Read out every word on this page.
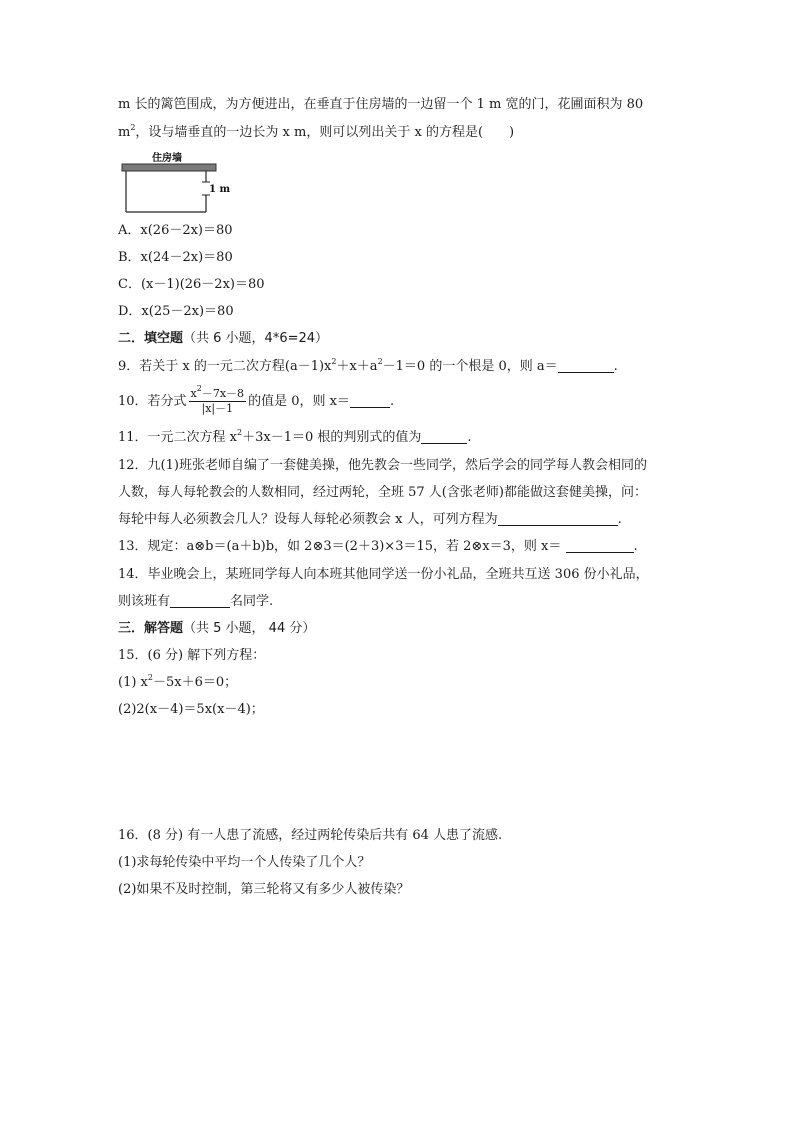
m 长的篱笆围成，为方便进出，在垂直于住房墙的一边留一个 1 m 宽的门，花圃面积为 80
$m^2$，设与墙垂直的一边长为 x m，则可以列出关于 x 的方程是(　　)
住房墙
1 m
A．x(26－2x)＝80
B．x(24－2x)＝80
C．(x－1)(26－2x)＝80
D．x(25－2x)＝80
二．填空题（共 6 小题，4*6=24）
9．若关于 x 的一元二次方程$(a-1)x^2+x+a^2-1=0$ 的一个根是 0，则 a＝	.
10．若分式 $\frac{x^2-7x-8}{|x|-1}$ 的值是 0，则 x＝	.
11．一元二次方程 $x^2+3x-1=0$ 根的判别式的值为	.
12．九(1)班张老师自编了一套健美操，他先教会一些同学，然后学会的同学每人教会相同的
人数，每人每轮教会的人数相同，经过两轮，全班 57 人(含张老师)都能做这套健美操，问：
每轮中每人必须教会几人？设每人每轮必须教会 x 人，可列方程为	.
13．规定：a⊗b＝(a＋b)b，如 2⊗3＝(2＋3)×3＝15，若 2⊗x＝3，则 x＝	.
14．毕业晚会上，某班同学每人向本班其他同学送一份小礼品，全班共互送 306 份小礼品，
则该班有	名同学.
三．解答题（共 5 小题， 44 分）
15．(6 分) 解下列方程：
(1) $x^2-5x+6=0$；
(2)2(x－4)＝5x(x－4)；
16．(8 分) 有一人患了流感，经过两轮传染后共有 64 人患了流感.
(1)求每轮传染中平均一个人传染了几个人？
(2)如果不及时控制，第三轮将又有多少人被传染？
